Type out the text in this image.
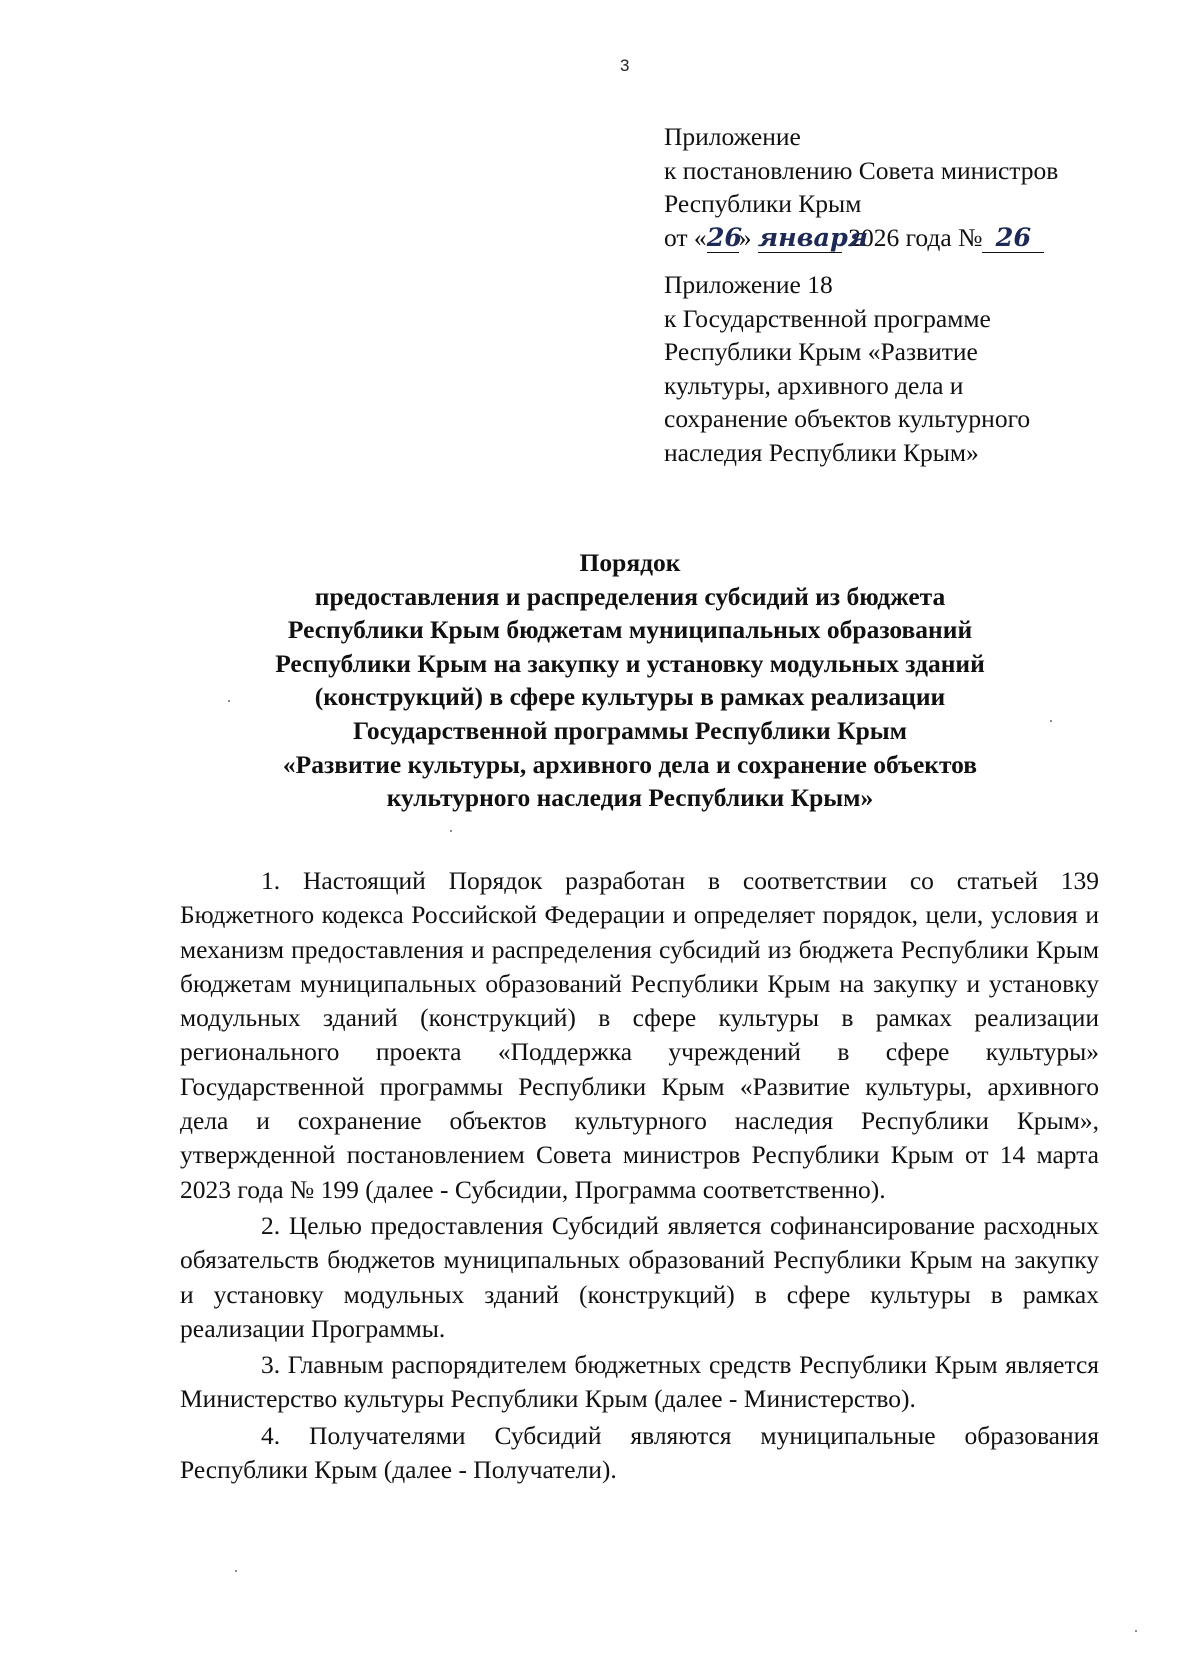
3
Приложение
к постановлению Совета министров
Республики Крым
от «26» января 2026 года № 26
Приложение 18
к Государственной программе
Республики Крым «Развитие
культуры, архивного дела и
сохранение объектов культурного
наследия Республики Крым»
Порядок
предоставления и распределения субсидий из бюджета
Республики Крым бюджетам муниципальных образований
Республики Крым на закупку и установку модульных зданий
(конструкций) в сфере культуры в рамках реализации
Государственной программы Республики Крым
«Развитие культуры, архивного дела и сохранение объектов
культурного наследия Республики Крым»

1. Настоящий Порядок разработан в соответствии со статьей 139 Бюджетного кодекса Российской Федерации и определяет порядок, цели, условия и механизм предоставления и распределения субсидий из бюджета Республики Крым бюджетам муниципальных образований Республики Крым на закупку и установку модульных зданий (конструкций) в сфере культуры в рамках реализации регионального проекта «Поддержка учреждений в сфере культуры» Государственной программы Республики Крым «Развитие культуры, архивного дела и сохранение объектов культурного наследия Республики Крым», утвержденной постановлением Совета министров Республики Крым от 14 марта 2023 года № 199 (далее - Субсидии, Программа соответственно).

2. Целью предоставления Субсидий является софинансирование расходных обязательств бюджетов муниципальных образований Республики Крым на закупку и установку модульных зданий (конструкций) в сфере культуры в рамках реализации Программы.

3. Главным распорядителем бюджетных средств Республики Крым является Министерство культуры Республики Крым (далее - Министерство).

4. Получателями Субсидий являются муниципальные образования Республики Крым (далее - Получатели).
